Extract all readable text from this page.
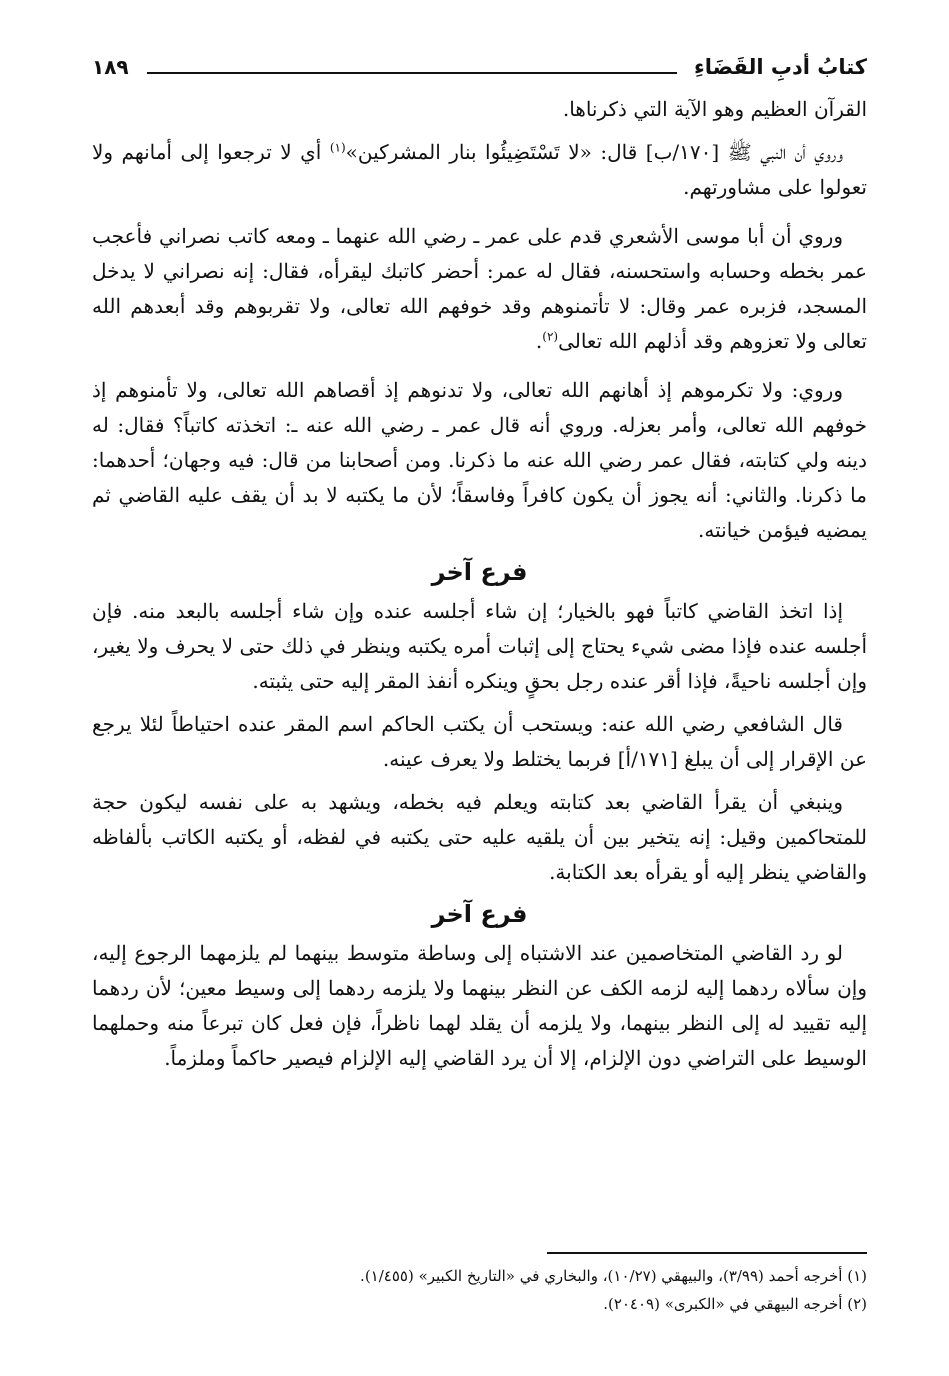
كتابُ أدبِ القَضَاءِ
١٨٩

القرآن العظيم وهو الآية التي ذكرناها.

وروي أن النبي ﷺ [١٧٠/ب] قال: «لا تَسْتَضِيئُوا بنار المشركين»$^{(١)}$ أي لا ترجعوا إلى أمانهم ولا تعولوا على مشاورتهم.

وروي أن أبا موسى الأشعري قدم على عمر ـ رضي الله عنهما ـ ومعه كاتب نصراني فأعجب عمر بخطه وحسابه واستحسنه، فقال له عمر: أحضر كاتبك ليقرأه، فقال: إنه نصراني لا يدخل المسجد، فزبره عمر وقال: لا تأتمنوهم وقد خوفهم الله تعالى، ولا تقربوهم وقد أبعدهم الله تعالى ولا تعزوهم وقد أذلهم الله تعالى$^{(٢)}$.

وروي: ولا تكرموهم إذ أهانهم الله تعالى، ولا تدنوهم إذ أقصاهم الله تعالى، ولا تأمنوهم إذ خوفهم الله تعالى، وأمر بعزله. وروي أنه قال عمر ـ رضي الله عنه ـ: اتخذته كاتباً؟ فقال: له دينه ولي كتابته، فقال عمر رضي الله عنه ما ذكرنا. ومن أصحابنا من قال: فيه وجهان؛ أحدهما: ما ذكرنا. والثاني: أنه يجوز أن يكون كافراً وفاسقاً؛ لأن ما يكتبه لا بد أن يقف عليه القاضي ثم يمضيه فيؤمن خيانته.

فرع آخر

إذا اتخذ القاضي كاتباً فهو بالخيار؛ إن شاء أجلسه عنده وإن شاء أجلسه بالبعد منه. فإن أجلسه عنده فإذا مضى شيء يحتاج إلى إثبات أمره يكتبه وينظر في ذلك حتى لا يحرف ولا يغير، وإن أجلسه ناحيةً، فإذا أقر عنده رجل بحقٍ وينكره أنفذ المقر إليه حتى يثبته.

قال الشافعي رضي الله عنه: ويستحب أن يكتب الحاكم اسم المقر عنده احتياطاً لئلا يرجع عن الإقرار إلى أن يبلغ [١٧١/أ] فربما يختلط ولا يعرف عينه.

وينبغي أن يقرأ القاضي بعد كتابته ويعلم فيه بخطه، ويشهد به على نفسه ليكون حجة للمتحاكمين وقيل: إنه يتخير بين أن يلقيه عليه حتى يكتبه في لفظه، أو يكتبه الكاتب بألفاظه والقاضي ينظر إليه أو يقرأه بعد الكتابة.

فرع آخر

لو رد القاضي المتخاصمين عند الاشتباه إلى وساطة متوسط بينهما لم يلزمهما الرجوع إليه، وإن سألاه ردهما إليه لزمه الكف عن النظر بينهما ولا يلزمه ردهما إلى وسيط معين؛ لأن ردهما إليه تقييد له إلى النظر بينهما، ولا يلزمه أن يقلد لهما ناظراً، فإن فعل كان تبرعاً منه وحملهما الوسيط على التراضي دون الإلزام، إلا أن يرد القاضي إليه الإلزام فيصير حاكماً وملزماً.

(١) أخرجه أحمد (٣/٩٩)، والبيهقي (١٠/٢٧)، والبخاري في «التاريخ الكبير» (١/٤٥٥).

(٢) أخرجه البيهقي في «الكبرى» (٢٠٤٠٩).
